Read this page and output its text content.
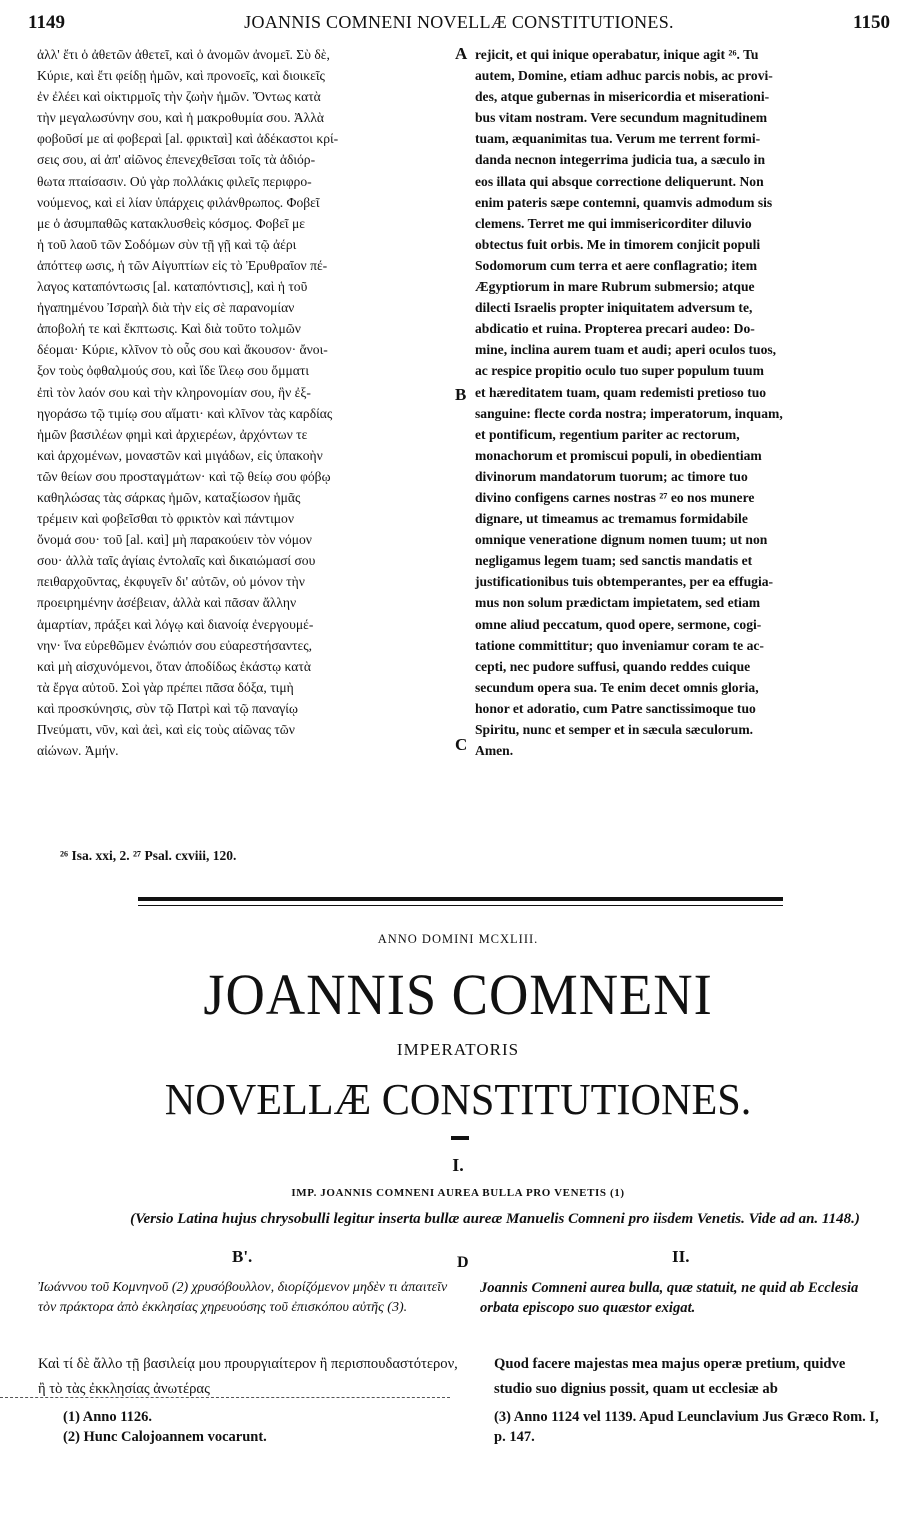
1149	JOANNIS COMNENI NOVELLÆ CONSTITUTIONES.	1150

ἀλλ' ἔτι ὁ ἀθετῶν ἀθετεῖ, καὶ ὁ ἀνομῶν ἀνομεῖ. Σὺ δὲ,

Κύριε, καὶ ἔτι φείδῃ ἡμῶν, καὶ προνοεῖς, καὶ διοικεῖς

ἐν ἐλέει καὶ οἰκτιρμοῖς τὴν ζωὴν ἡμῶν. Ὄντως κατὰ

τὴν μεγαλωσύνην σου, καὶ ἡ μακροθυμία σου. Ἀλλὰ

φοβοῦσί με αἱ φοβεραὶ [al. φρικταὶ] καὶ ἀδέκαστοι κρί-

σεις σου, αἱ ἀπ' αἰῶνος ἐπενεχθεῖσαι τοῖς τὰ ἀδιόρ-

θωτα πταίσασιν. Οὐ γὰρ πολλάκις φιλεῖς περιφρο-

νούμενος, καὶ εἰ λίαν ὑπάρχεις φιλάνθρωπος. Φοβεῖ

με ὁ ἀσυμπαθῶς κατακλυσθεὶς κόσμος. Φοβεῖ με

ἡ τοῦ λαοῦ τῶν Σοδόμων σὺν τῇ γῇ καὶ τῷ ἀέρι

ἀπόττεφ ωσις, ἡ τῶν Αἰγυπτίων εἰς τὸ Ἐρυθραῖον πέ-

λαγος καταπόντωσις [al. καταπόντισις], καὶ ἡ τοῦ

ἠγαπημένου Ἰσραὴλ διὰ τὴν εἰς σὲ παρανομίαν

ἀποβολή τε καὶ ἔκπτωσις. Καὶ διὰ τοῦτο τολμῶν

δέομαι· Κύριε, κλῖνον τὸ οὖς σου καὶ ἄκουσον· ἄνοι-

ξον τοὺς ὀφθαλμούς σου, καὶ ἴδε ἵλεῳ σου ὄμματι

ἐπὶ τὸν λαόν σου καὶ τὴν κληρονομίαν σου, ἣν ἐξ-

ηγοράσω τῷ τιμίῳ σου αἵματι· καὶ κλῖνον τὰς καρδίας

ἡμῶν βασιλέων φημὶ καὶ ἀρχιερέων, ἀρχόντων τε

καὶ ἀρχομένων, μοναστῶν καὶ μιγάδων, εἰς ὑπακοὴν

τῶν θείων σου προσταγμάτων· καὶ τῷ θείῳ σου φόβῳ

καθηλώσας τὰς σάρκας ἡμῶν, καταξίωσον ἡμᾶς

τρέμειν καὶ φοβεῖσθαι τὸ φρικτὸν καὶ πάντιμον

ὄνομά σου· τοῦ [al. καὶ] μὴ παρακούειν τὸν νόμον

σου· ἀλλὰ ταῖς ἁγίαις ἐντολαῖς καὶ δικαιώμασί σου

πειθαρχοῦντας, ἐκφυγεῖν δι' αὐτῶν, οὐ μόνον τὴν

προειρημένην ἀσέβειαν, ἀλλὰ καὶ πᾶσαν ἄλλην

ἁμαρτίαν, πράξει καὶ λόγῳ καὶ διανοίᾳ ἐνεργουμέ-

νην· ἵνα εὑρεθῶμεν ἐνώπιόν σου εὐαρεστήσαντες,

καὶ μὴ αἰσχυνόμενοι, ὅταν ἀποδίδως ἑκάστῳ κατὰ

τὰ ἔργα αὐτοῦ. Σοὶ γὰρ πρέπει πᾶσα δόξα, τιμὴ

καὶ προσκύνησις, σὺν τῷ Πατρὶ καὶ τῷ παναγίῳ

Πνεύματι, νῦν, καὶ ἀεὶ, καὶ εἰς τοὺς αἰῶνας τῶν

αἰώνων. Ἀμήν.

rejicit, et qui inique operabatur, inique agit ²⁶. Tu

autem, Domine, etiam adhuc parcis nobis, ac provi-

des, atque gubernas in misericordia et miserationi-

bus vitam nostram. Vere secundum magnitudinem

tuam, æquanimitas tua. Verum me terrent formi-

danda necnon integerrima judicia tua, a sæculo in

eos illata qui absque correctione deliquerunt. Non

enim pateris sæpe contemni, quamvis admodum sis

clemens. Terret me qui immisericorditer diluvio

obtectus fuit orbis. Me in timorem conjicit populi

Sodomorum cum terra et aere conflagratio; item

Ægyptiorum in mare Rubrum submersio; atque

dilecti Israelis propter iniquitatem adversum te,

abdicatio et ruina. Propterea precari audeo: Do-

mine, inclina aurem tuam et audi; aperi oculos tuos,

ac respice propitio oculo tuo super populum tuum

et hæreditatem tuam, quam redemisti pretioso tuo

sanguine: flecte corda nostra; imperatorum, inquam,

et pontificum, regentium pariter ac rectorum,

monachorum et promiscui populi, in obedientiam

divinorum mandatorum tuorum; ac timore tuo

divino configens carnes nostras ²⁷ eo nos munere

dignare, ut timeamus ac tremamus formidabile

omnique veneratione dignum nomen tuum; ut non

negligamus legem tuam; sed sanctis mandatis et

justificationibus tuis obtemperantes, per ea effugia-

mus non solum prædictam impietatem, sed etiam

omne aliud peccatum, quod opere, sermone, cogi-

tatione committitur; quo inveniamur coram te ac-

cepti, nec pudore suffusi, quando reddes cuique

secundum opera sua. Te enim decet omnis gloria,

honor et adoratio, cum Patre sanctissimoque tuo

Spiritu, nunc et semper et in sæcula sæculorum.

Amen.

A
B
C
²⁶ Isa. xxi, 2. ²⁷ Psal. cxviii, 120.
ANNO DOMINI MCXLIII.
JOANNIS COMNENI
IMPERATORIS
NOVELLÆ CONSTITUTIONES.
I.
IMP. JOANNIS COMNENI AUREA BULLA PRO VENETIS (1)
(Versio Latina hujus chrysobulli legitur inserta bullæ aureæ Manuelis Comneni pro iisdem Venetis. Vide ad an. 1148.)
B'.	D	II.
Ἰωάννου τοῦ Κομνηνοῦ (2) χρυσόβουλλον, διορίζόμενον μηδὲν τι ἀπαιτεῖν τὸν πράκτορα ἀπὸ ἐκκλησίας χηρευούσης τοῦ ἐπισκόπου αὐτῆς (3).
Joannis Comneni aurea bulla, quæ statuit, ne quid ab Ecclesia orbata episcopo suo quæstor exigat.
Καὶ τί δὲ ἄλλο τῇ βασιλείᾳ μου προυργιαίτερον ἢ περισπουδαστότερον, ἢ τὸ τὰς ἐκκλησίας ἀνωτέρας
Quod facere majestas mea majus operæ pretium, quidve studio suo dignius possit, quam ut ecclesiæ ab
(1) Anno 1126.
(2) Hunc Calojoannem vocarunt.
(3) Anno 1124 vel 1139. Apud Leunclavium Jus Græco Rom. I, p. 147.
